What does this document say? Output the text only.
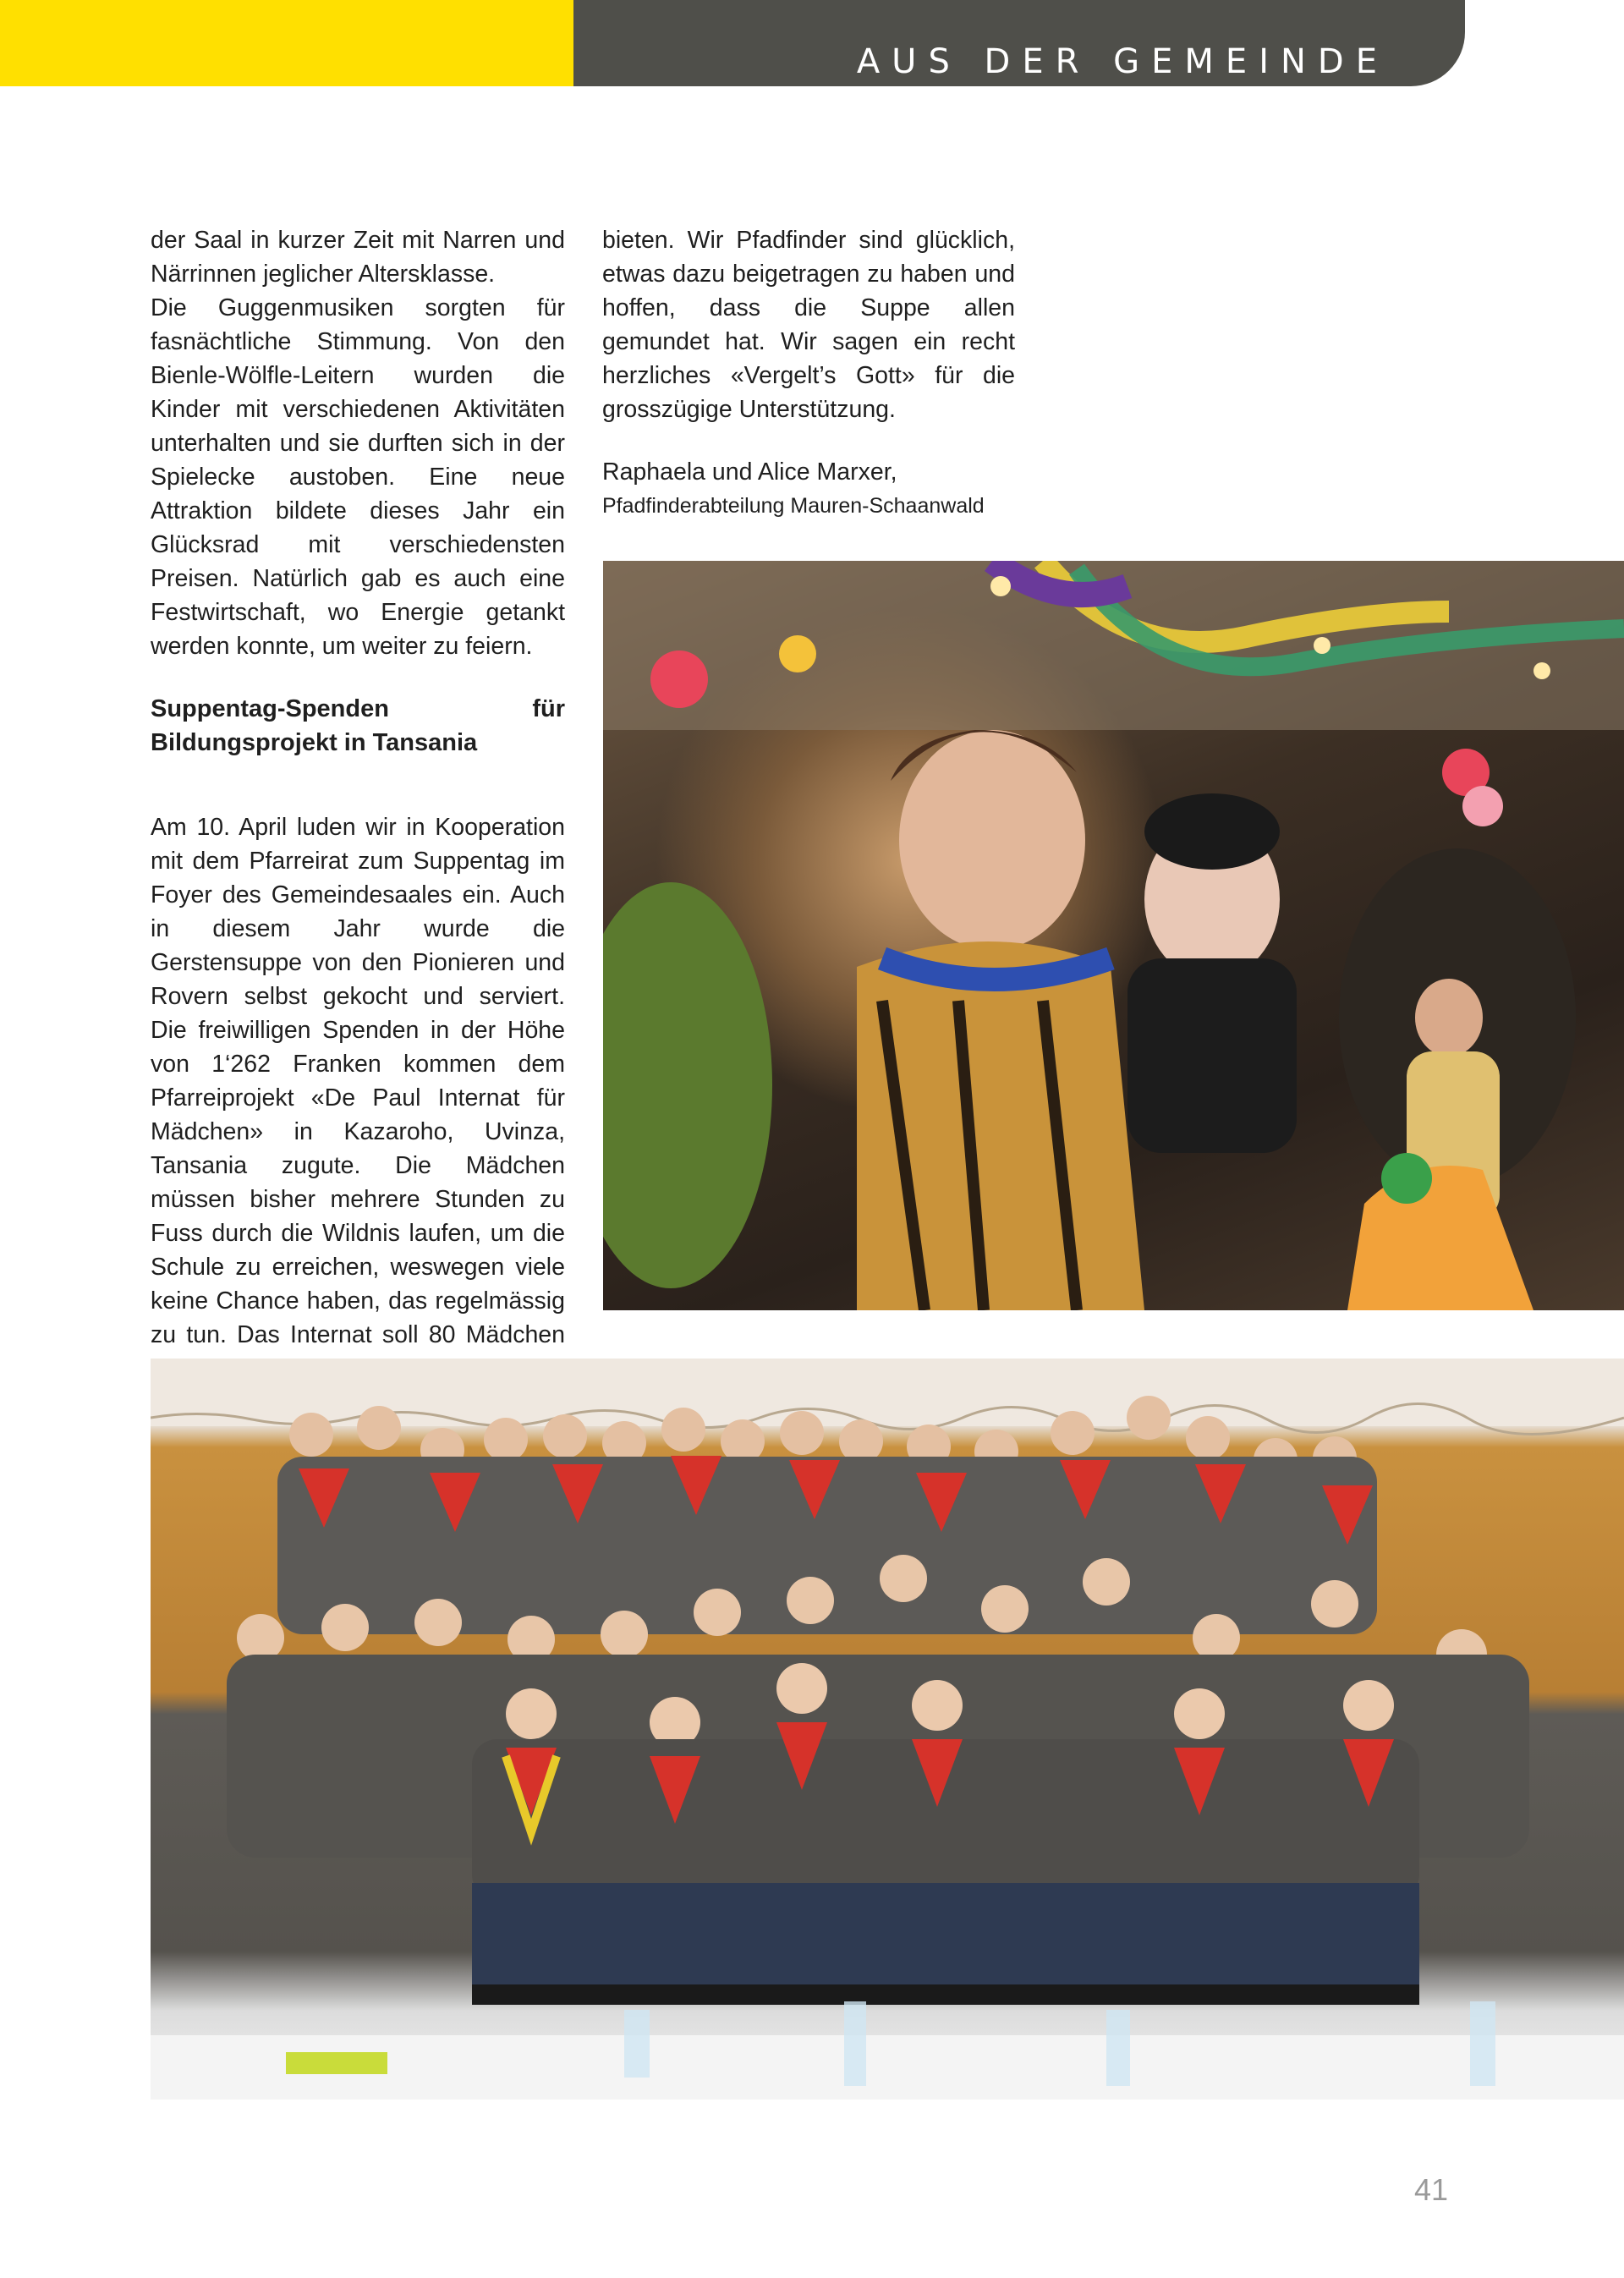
AUS DER GEMEINDE

der Saal in kurzer Zeit mit Narren und Närrinnen jeglicher Altersklasse.

Die Guggenmusiken sorgten für fasnächtliche Stimmung. Von den Bienle-Wölfle-Leitern wurden die Kinder mit verschiedenen Aktivitäten unterhalten und sie durften sich in der Spielecke austoben. Eine neue Attraktion bildete dieses Jahr ein Glücksrad mit verschiedensten Preisen. Natürlich gab es auch eine Festwirtschaft, wo Energie getankt werden konnte, um weiter zu feiern.

Suppentag-Spenden für Bildungsprojekt in Tansania

Am 10. April luden wir in Kooperation mit dem Pfarreirat zum Suppentag im Foyer des Gemeindesaales ein. Auch in diesem Jahr wurde die Gerstensuppe von den Pionieren und Rovern selbst gekocht und serviert. Die freiwilligen Spenden in der Höhe von 1‘262 Franken kommen dem Pfarreiprojekt «De Paul Internat für Mädchen» in Kazaroho, Uvinza, Tansania zugute. Die Mädchen müssen bisher mehrere Stunden zu Fuss durch die Wildnis laufen, um die Schule zu erreichen, weswegen viele keine Chance haben, das regelmässig zu tun. Das Internat soll 80 Mädchen

bieten. Wir Pfadfinder sind glücklich, etwas dazu beigetragen zu haben und hoffen, dass die Suppe allen gemundet hat. Wir sagen ein recht herzliches «Vergelt’s Gott» für die grosszügige Unterstützung.

Raphaela und Alice Marxer,
Pfadfinderabteilung Mauren-Schaanwald

41
